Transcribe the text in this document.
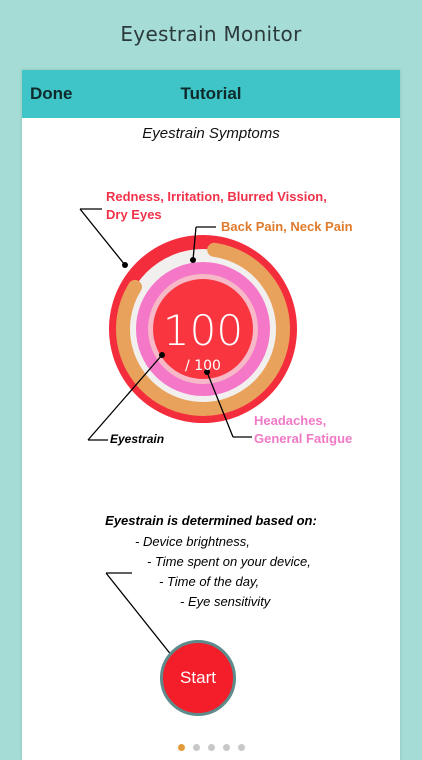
Eyestrain Monitor
Done	Tutorial
Eyestrain Symptoms
Redness, Irritation, Blurred Vission, Dry Eyes
Back Pain, Neck Pain
Headaches, General Fatigue
Eyestrain
100
/ 100
Eyestrain is determined based on:
- Device brightness,
- Time spent on your device,
- Time of the day,
- Eye sensitivity
Start
